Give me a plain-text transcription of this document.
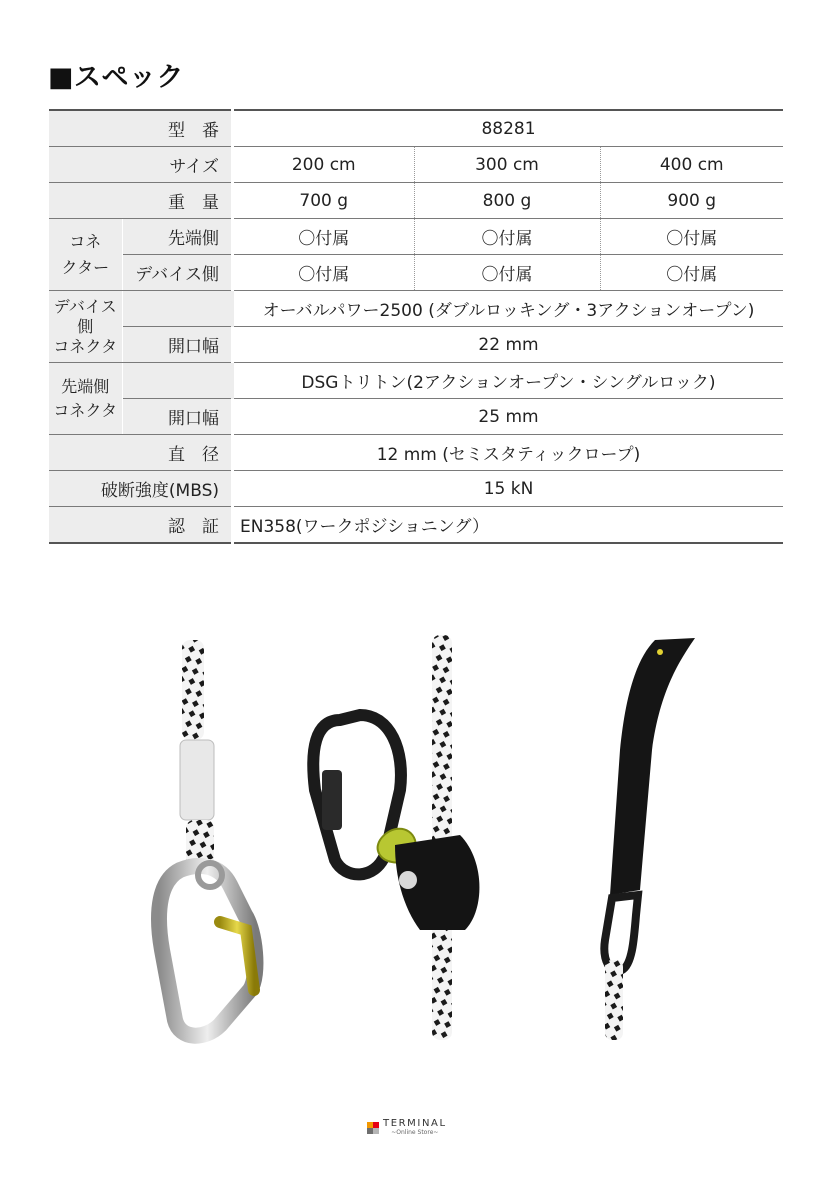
■スペック
型　番			88281		
サイズ			200 cm	300 cm	400 cm
重　量			700 g	800 g	900 g

コネ
クター	先端側		〇付属	〇付属	〇付属
	デバイス側		〇付属	〇付属	〇付属

デバイス
側
コネクタ			オーバルパワー2500 (ダブルロッキング・3アクションオープン)		
	開口幅		22 mm		

先端側
コネクタ			DSGトリトン(2アクションオープン・シングルロック)		
	開口幅		25 mm		
直　径			12 mm (セミスタティックロープ)		
破断強度(MBS)			15 kN		
認　証			EN358(ワークポジショニング）		
TERMINAL
~Online Store~
